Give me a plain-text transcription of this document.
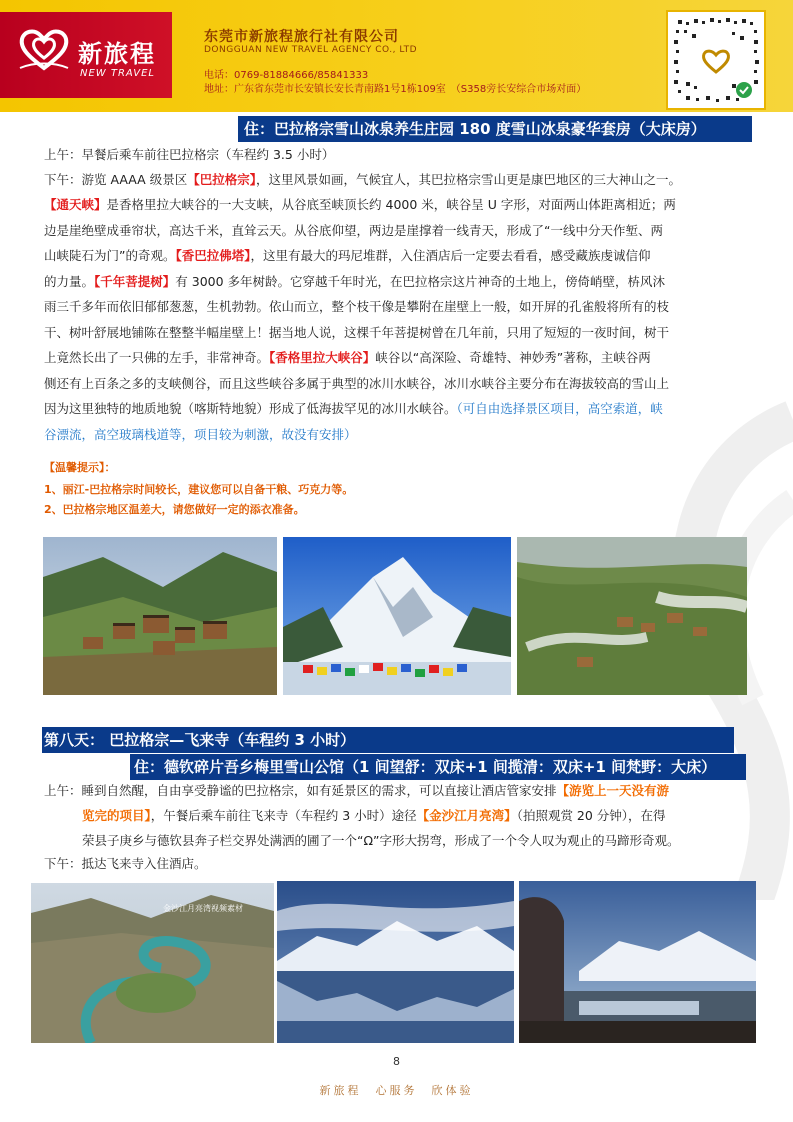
新旅程
NEW TRAVEL
东莞市新旅程旅行社有限公司
DONGGUAN NEW TRAVEL AGENCY CO., LTD
电话：0769-81884666/85841333
地址：广东省东莞市长安镇长安长青南路1号1栋109室　（S358旁长安综合市场对面）
住：巴拉格宗雪山冰泉养生庄园 180 度雪山冰泉豪华套房（大床房）
上午：早餐后乘车前往巴拉格宗（车程约 3.5 小时）
下午：游览 AAAA 级景区【巴拉格宗】，这里风景如画，气候宜人，其巴拉格宗雪山更是康巴地区的三大神山之一。
【通天峡】是香格里拉大峡谷的一大支峡，从谷底至峡顶长约 4000 米，峡谷呈 U 字形，对面两山体距离相近；两
边是崖绝壁成垂帘状，高达千米，直耸云天。从谷底仰望，两边是崖撑着一线青天，形成了“一线中分天作堑、两
山峡陡石为门”的奇观。【香巴拉佛塔】，这里有最大的玛尼堆群，入住酒店后一定要去看看，感受藏族虔诚信仰
的力量。【千年菩提树】有 3000 多年树龄。它穿越千年时光，在巴拉格宗这片神奇的土地上，傍倚峭壁，枿风沐
雨三千多年而依旧郁郁葱葱，生机勃勃。依山而立，整个枝干像是攀附在崖壁上一般，如开屏的孔雀般将所有的枝
干、树叶舒展地铺陈在整整半幅崖壁上！据当地人说，这棵千年菩提树曾在几年前，只用了短短的一夜时间，树干
上竟然长出了一只佛的左手，非常神奇。【香格里拉大峡谷】峡谷以“高深险、奇雄特、神妙秀”著称，主峡谷两
侧还有上百条之多的支峡侧谷，而且这些峡谷多属于典型的冰川水峡谷，冰川水峡谷主要分布在海拔较高的雪山上
因为这里独特的地质地貌（喀斯特地貌）形成了低海拔罕见的冰川水峡谷。（可自由选择景区项目，高空索道，峡
谷漂流，高空玻璃栈道等，项目较为刺激，故没有安排）
【温馨提示】：
1、丽江-巴拉格宗时间较长，建议您可以自备干粮、巧克力等。
2、巴拉格宗地区温差大，请您做好一定的添衣准备。
第八天： 巴拉格宗—飞来寺（车程约 3 小时）
住：德钦碎片吾乡梅里雪山公馆（1 间望舒：双床+1 间揽清：双床+1 间梵野：大床）
上午：睡到自然醒，自由享受静谧的巴拉格宗，如有延景区的需求，可以直接让酒店管家安排【游览上一天没有游
览完的项目】，午餐后乘车前往飞来寺（车程约 3 小时）途径【金沙江月亮湾】（拍照观赏 20 分钟），在得
荣县子庚乡与德钦县奔子栏交界处满洒的圃了一个“Ω”字形大拐弯，形成了一个令人叹为观止的马蹄形奇观。
下午：抵达飞来寺入住酒店。
金沙江月亮湾视频素材
8
新旅程　心服务　欣体验
